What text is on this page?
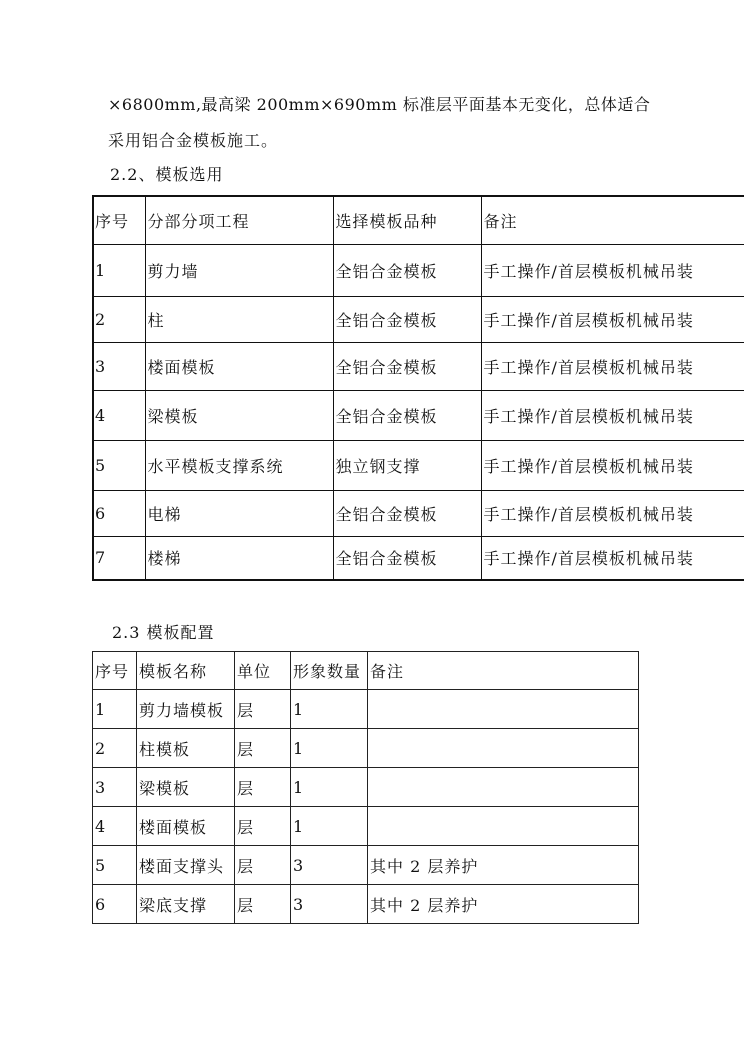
×6800mm,最高梁 200mm×690mm 标准层平面基本无变化，总体适合
采用铝合金模板施工。
2.2、模板选用
序号	分部分项工程	选择模板品种	备注
1	剪力墙	全铝合金模板	手工操作/首层模板机械吊装
2	柱	全铝合金模板	手工操作/首层模板机械吊装
3	楼面模板	全铝合金模板	手工操作/首层模板机械吊装
4	梁模板	全铝合金模板	手工操作/首层模板机械吊装
5	水平模板支撑系统	独立钢支撑	手工操作/首层模板机械吊装
6	电梯	全铝合金模板	手工操作/首层模板机械吊装
7	楼梯	全铝合金模板	手工操作/首层模板机械吊装
2.3 模板配置
序号	模板名称	单位	形象数量	备注
1	剪力墙模板	层	1	
2	柱模板	层	1	
3	梁模板	层	1	
4	楼面模板	层	1	
5	楼面支撑头	层	3	其中 2 层养护
6	梁底支撑	层	3	其中 2 层养护
